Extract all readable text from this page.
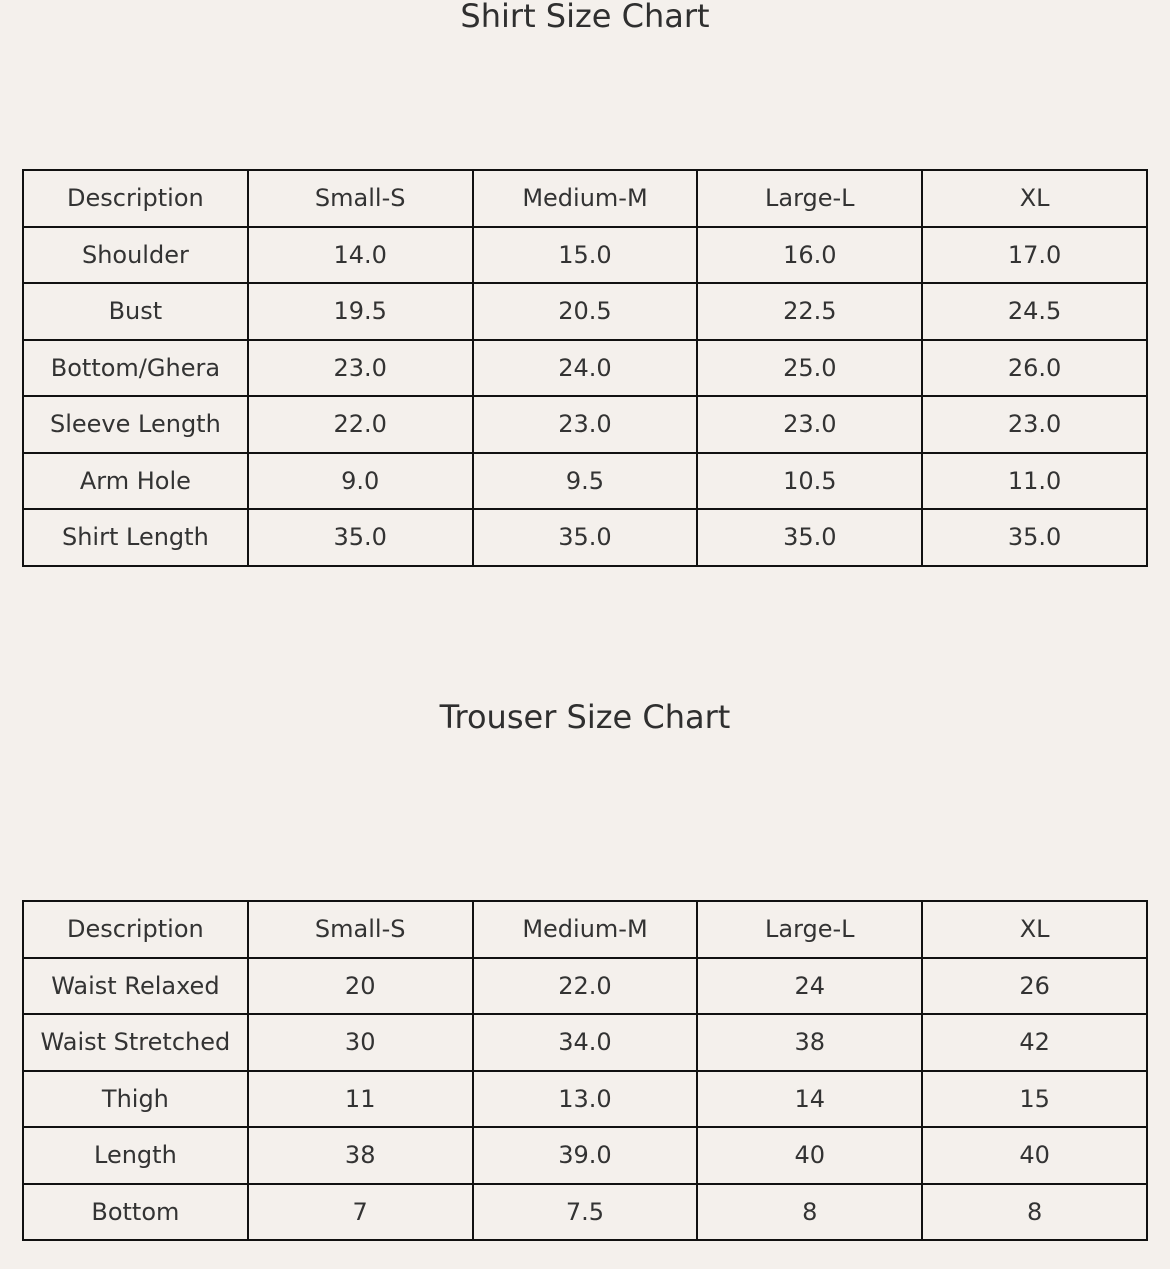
Shirt Size Chart
Description	Small-S	Medium-M	Large-L	XL
Shoulder	14.0	15.0	16.0	17.0
Bust	19.5	20.5	22.5	24.5
Bottom/Ghera	23.0	24.0	25.0	26.0
Sleeve Length	22.0	23.0	23.0	23.0
Arm Hole	9.0	9.5	10.5	11.0
Shirt Length	35.0	35.0	35.0	35.0
Trouser Size Chart
Description	Small-S	Medium-M	Large-L	XL
Waist Relaxed	20	22.0	24	26
Waist Stretched	30	34.0	38	42
Thigh	11	13.0	14	15
Length	38	39.0	40	40
Bottom	7	7.5	8	8
